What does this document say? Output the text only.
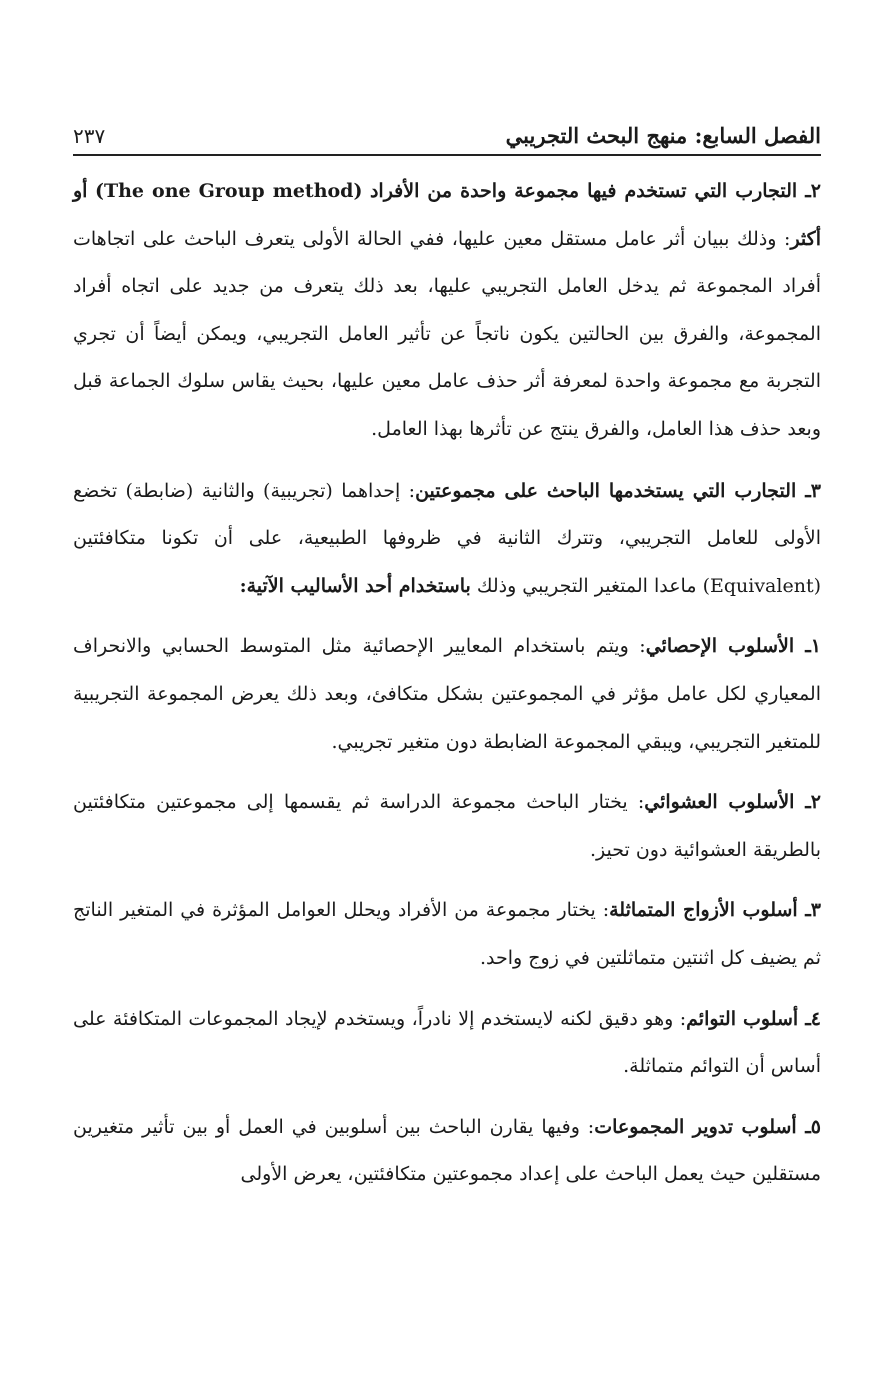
الفصل السابع: منهج البحث التجريبي
٢٣٧

٢ـ التجارب التي تستخدم فيها مجموعة واحدة من الأفراد (The one Group method) أو أكثر: وذلك ببيان أثر عامل مستقل معين عليها، ففي الحالة الأولى يتعرف الباحث على اتجاهات أفراد المجموعة ثم يدخل العامل التجريبي عليها، بعد ذلك يتعرف من جديد على اتجاه أفراد المجموعة، والفرق بين الحالتين يكون ناتجاً عن تأثير العامل التجريبي، ويمكن أيضاً أن تجري التجربة مع مجموعة واحدة لمعرفة أثر حذف عامل معين عليها، بحيث يقاس سلوك الجماعة قبل وبعد حذف هذا العامل، والفرق ينتج عن تأثرها بهذا العامل.

٣ـ التجارب التي يستخدمها الباحث على مجموعتين: إحداهما (تجريبية) والثانية (ضابطة) تخضع الأولى للعامل التجريبي، وتترك الثانية في ظروفها الطبيعية، على أن تكونا متكافئتين (Equivalent) ماعدا المتغير التجريبي وذلك باستخدام أحد الأساليب الآتية:

١ـ الأسلوب الإحصائي: ويتم باستخدام المعايير الإحصائية مثل المتوسط الحسابي والانحراف المعياري لكل عامل مؤثر في المجموعتين بشكل متكافئ، وبعد ذلك يعرض المجموعة التجريبية للمتغير التجريبي، ويبقي المجموعة الضابطة دون متغير تجريبي.

٢ـ الأسلوب العشوائي: يختار الباحث مجموعة الدراسة ثم يقسمها إلى مجموعتين متكافئتين بالطريقة العشوائية دون تحيز.

٣ـ أسلوب الأزواج المتماثلة: يختار مجموعة من الأفراد ويحلل العوامل المؤثرة في المتغير الناتج ثم يضيف كل اثنتين متماثلتين في زوج واحد.

٤ـ أسلوب التوائم: وهو دقيق لكنه لايستخدم إلا نادراً، ويستخدم لإيجاد المجموعات المتكافئة على أساس أن التوائم متماثلة.

٥ـ أسلوب تدوير المجموعات: وفيها يقارن الباحث بين أسلوبين في العمل أو بين تأثير متغيرين مستقلين حيث يعمل الباحث على إعداد مجموعتين متكافئتين، يعرض الأولى
